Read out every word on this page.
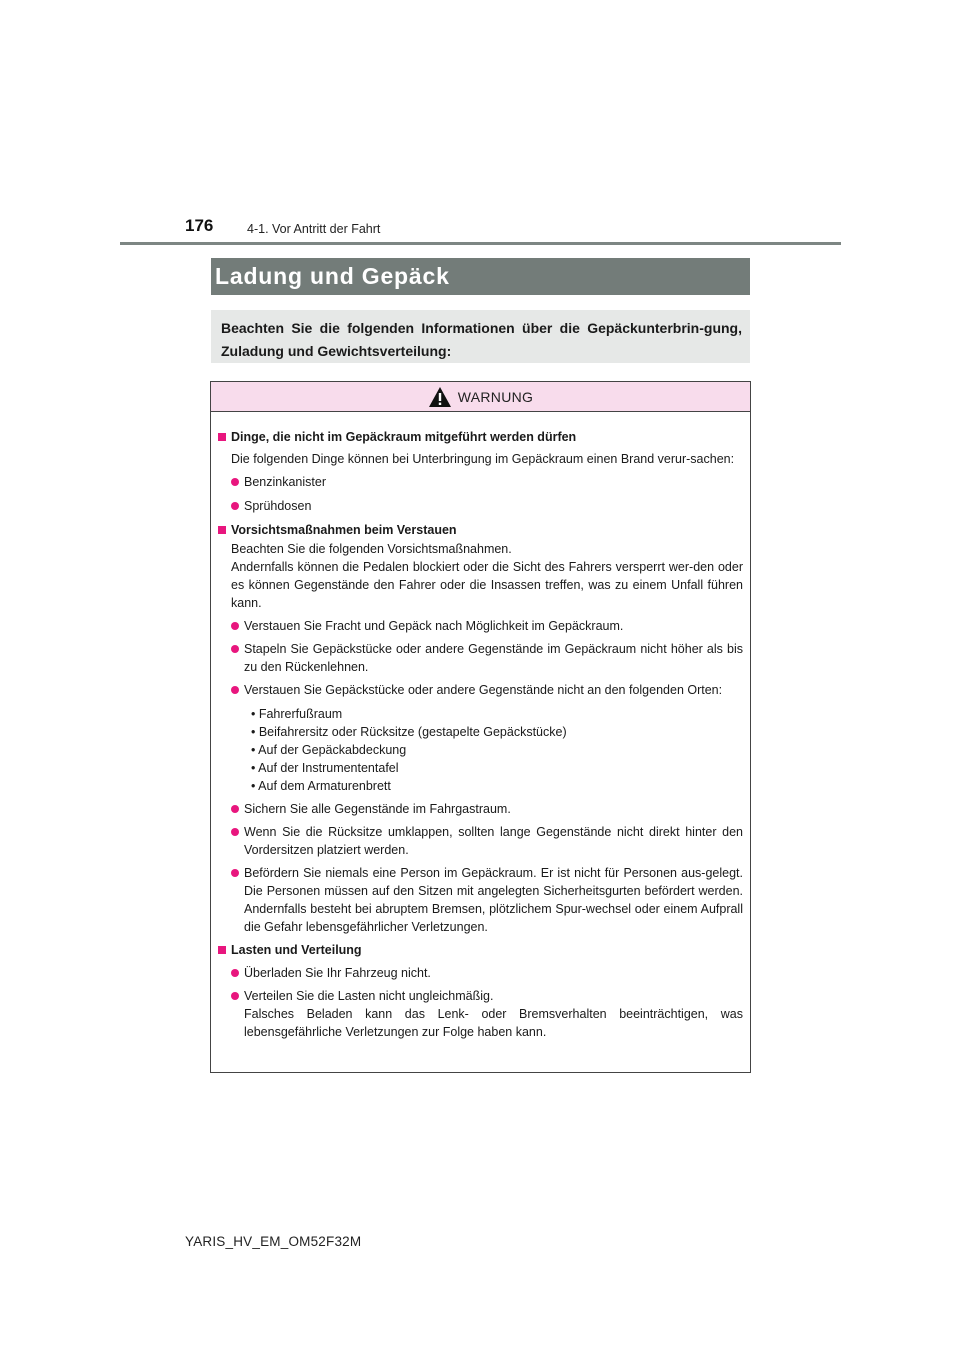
176	4-1. Vor Antritt der Fahrt
Ladung und Gepäck
Beachten Sie die folgenden Informationen über die Gepäckunterbrin-gung, Zuladung und Gewichtsverteilung:
WARNUNG
Dinge, die nicht im Gepäckraum mitgeführt werden dürfen

Die folgenden Dinge können bei Unterbringung im Gepäckraum einen Brand verur-sachen:

Benzinkanister
Sprühdosen
Vorsichtsmaßnahmen beim Verstauen

Beachten Sie die folgenden Vorsichtsmaßnahmen.

Andernfalls können die Pedalen blockiert oder die Sicht des Fahrers versperrt wer-den oder es können Gegenstände den Fahrer oder die Insassen treffen, was zu einem Unfall führen kann.

Verstauen Sie Fracht und Gepäck nach Möglichkeit im Gepäckraum.
Stapeln Sie Gepäckstücke oder andere Gegenstände im Gepäckraum nicht höher als bis zu den Rückenlehnen.
Verstauen Sie Gepäckstücke oder andere Gegenstände nicht an den folgenden Orten:
• Fahrerfußraum
• Beifahrersitz oder Rücksitze (gestapelte Gepäckstücke)
• Auf der Gepäckabdeckung
• Auf der Instrumententafel
• Auf dem Armaturenbrett
Sichern Sie alle Gegenstände im Fahrgastraum.
Wenn Sie die Rücksitze umklappen, sollten lange Gegenstände nicht direkt hinter den Vordersitzen platziert werden.
Befördern Sie niemals eine Person im Gepäckraum. Er ist nicht für Personen aus-gelegt. Die Personen müssen auf den Sitzen mit angelegten Sicherheitsgurten befördert werden. Andernfalls besteht bei abruptem Bremsen, plötzlichem Spur-wechsel oder einem Aufprall die Gefahr lebensgefährlicher Verletzungen.
Lasten und Verteilung
Überladen Sie Ihr Fahrzeug nicht.
Verteilen Sie die Lasten nicht ungleichmäßig.
Falsches Beladen kann das Lenk- oder Bremsverhalten beeinträchtigen, was lebensgefährliche Verletzungen zur Folge haben kann.
YARIS_HV_EM_OM52F32M
